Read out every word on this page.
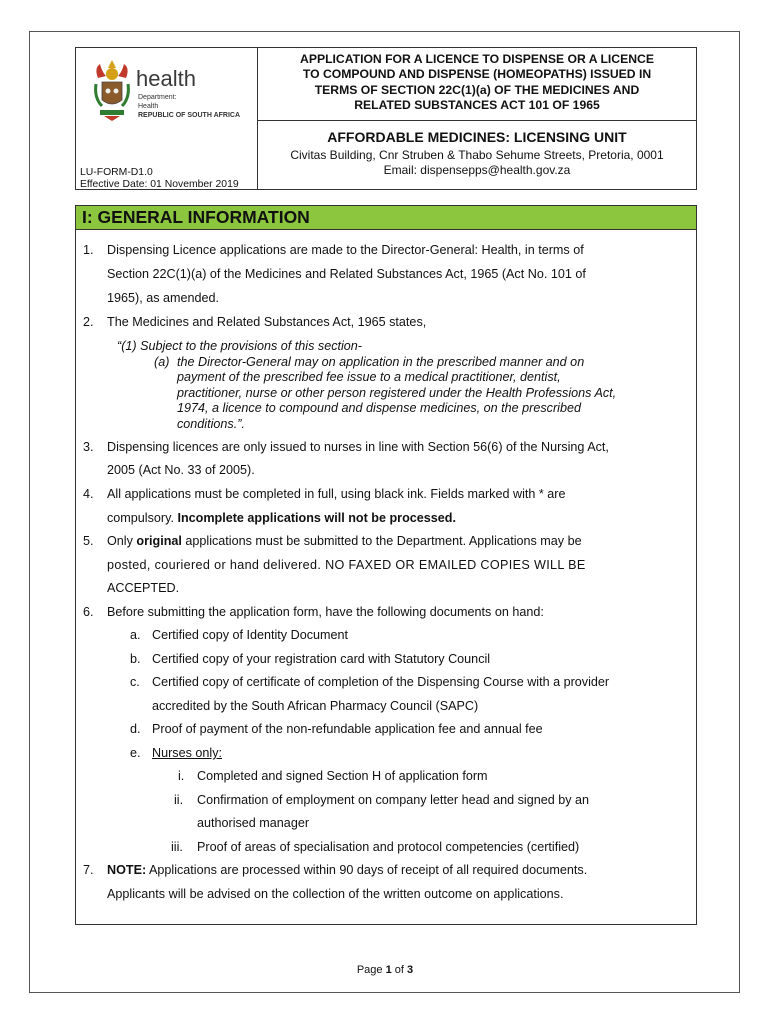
health
Department:
Health
REPUBLIC OF SOUTH AFRICA
LU-FORM-D1.0
Effective Date: 01 November 2019
APPLICATION FOR A LICENCE TO DISPENSE OR A LICENCE
TO COMPOUND AND DISPENSE (HOMEOPATHS) ISSUED IN
TERMS OF SECTION 22C(1)(a) OF THE MEDICINES AND
RELATED SUBSTANCES ACT 101 OF 1965
AFFORDABLE MEDICINES: LICENSING UNIT
Civitas Building, Cnr Struben & Thabo Sehume Streets, Pretoria, 0001
Email: dispensepps@health.gov.za
I: GENERAL INFORMATION
1. Dispensing Licence applications are made to the Director-General: Health, in terms of
Section 22C(1)(a) of the Medicines and Related Substances Act, 1965 (Act No. 101 of
1965), as amended.
2. The Medicines and Related Substances Act, 1965 states,
“(1) Subject to the provisions of this section-
(a) the Director-General may on application in the prescribed manner and on
payment of the prescribed fee issue to a medical practitioner, dentist,
practitioner, nurse or other person registered under the Health Professions Act,
1974, a licence to compound and dispense medicines, on the prescribed
conditions.”.
3. Dispensing licences are only issued to nurses in line with Section 56(6) of the Nursing Act,
2005 (Act No. 33 of 2005).
4. All applications must be completed in full, using black ink. Fields marked with * are
compulsory. Incomplete applications will not be processed.
5. Only original applications must be submitted to the Department. Applications may be
posted, couriered or hand delivered. NO FAXED OR EMAILED COPIES WILL BE
ACCEPTED.
6. Before submitting the application form, have the following documents on hand:
a. Certified copy of Identity Document
b. Certified copy of your registration card with Statutory Council
c. Certified copy of certificate of completion of the Dispensing Course with a provider
accredited by the South African Pharmacy Council (SAPC)
d. Proof of payment of the non-refundable application fee and annual fee
e. Nurses only:
i. Completed and signed Section H of application form
ii. Confirmation of employment on company letter head and signed by an
authorised manager
iii. Proof of areas of specialisation and protocol competencies (certified)
7. NOTE: Applications are processed within 90 days of receipt of all required documents.
Applicants will be advised on the collection of the written outcome on applications.
Page 1 of 3
